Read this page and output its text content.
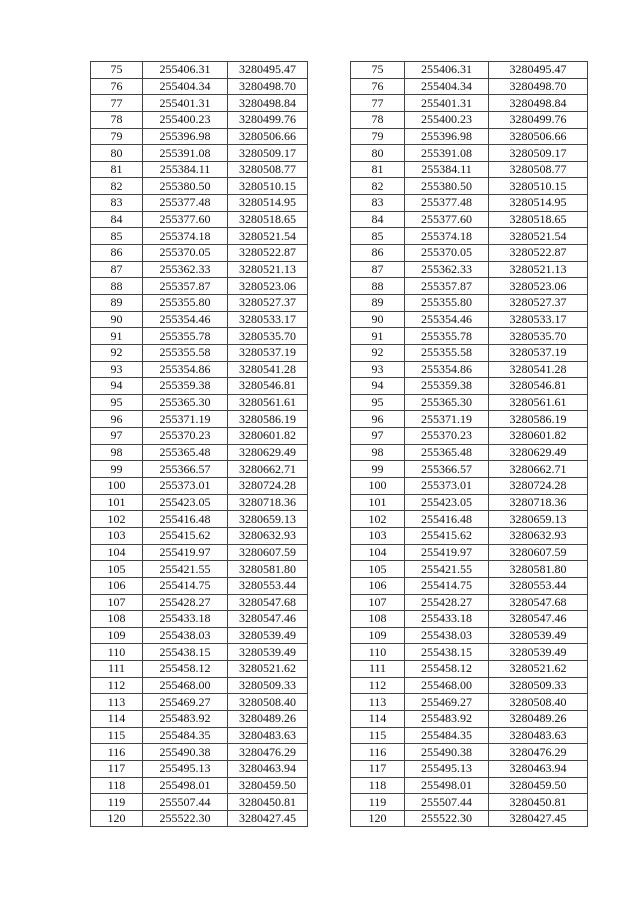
75	255406.31	3280495.47
76	255404.34	3280498.70
77	255401.31	3280498.84
78	255400.23	3280499.76
79	255396.98	3280506.66
80	255391.08	3280509.17
81	255384.11	3280508.77
82	255380.50	3280510.15
83	255377.48	3280514.95
84	255377.60	3280518.65
85	255374.18	3280521.54
86	255370.05	3280522.87
87	255362.33	3280521.13
88	255357.87	3280523.06
89	255355.80	3280527.37
90	255354.46	3280533.17
91	255355.78	3280535.70
92	255355.58	3280537.19
93	255354.86	3280541.28
94	255359.38	3280546.81
95	255365.30	3280561.61
96	255371.19	3280586.19
97	255370.23	3280601.82
98	255365.48	3280629.49
99	255366.57	3280662.71
100	255373.01	3280724.28
101	255423.05	3280718.36
102	255416.48	3280659.13
103	255415.62	3280632.93
104	255419.97	3280607.59
105	255421.55	3280581.80
106	255414.75	3280553.44
107	255428.27	3280547.68
108	255433.18	3280547.46
109	255438.03	3280539.49
110	255438.15	3280539.49
111	255458.12	3280521.62
112	255468.00	3280509.33
113	255469.27	3280508.40
114	255483.92	3280489.26
115	255484.35	3280483.63
116	255490.38	3280476.29
117	255495.13	3280463.94
118	255498.01	3280459.50
119	255507.44	3280450.81
120	255522.30	3280427.45
75	255406.31	3280495.47
76	255404.34	3280498.70
77	255401.31	3280498.84
78	255400.23	3280499.76
79	255396.98	3280506.66
80	255391.08	3280509.17
81	255384.11	3280508.77
82	255380.50	3280510.15
83	255377.48	3280514.95
84	255377.60	3280518.65
85	255374.18	3280521.54
86	255370.05	3280522.87
87	255362.33	3280521.13
88	255357.87	3280523.06
89	255355.80	3280527.37
90	255354.46	3280533.17
91	255355.78	3280535.70
92	255355.58	3280537.19
93	255354.86	3280541.28
94	255359.38	3280546.81
95	255365.30	3280561.61
96	255371.19	3280586.19
97	255370.23	3280601.82
98	255365.48	3280629.49
99	255366.57	3280662.71
100	255373.01	3280724.28
101	255423.05	3280718.36
102	255416.48	3280659.13
103	255415.62	3280632.93
104	255419.97	3280607.59
105	255421.55	3280581.80
106	255414.75	3280553.44
107	255428.27	3280547.68
108	255433.18	3280547.46
109	255438.03	3280539.49
110	255438.15	3280539.49
111	255458.12	3280521.62
112	255468.00	3280509.33
113	255469.27	3280508.40
114	255483.92	3280489.26
115	255484.35	3280483.63
116	255490.38	3280476.29
117	255495.13	3280463.94
118	255498.01	3280459.50
119	255507.44	3280450.81
120	255522.30	3280427.45
